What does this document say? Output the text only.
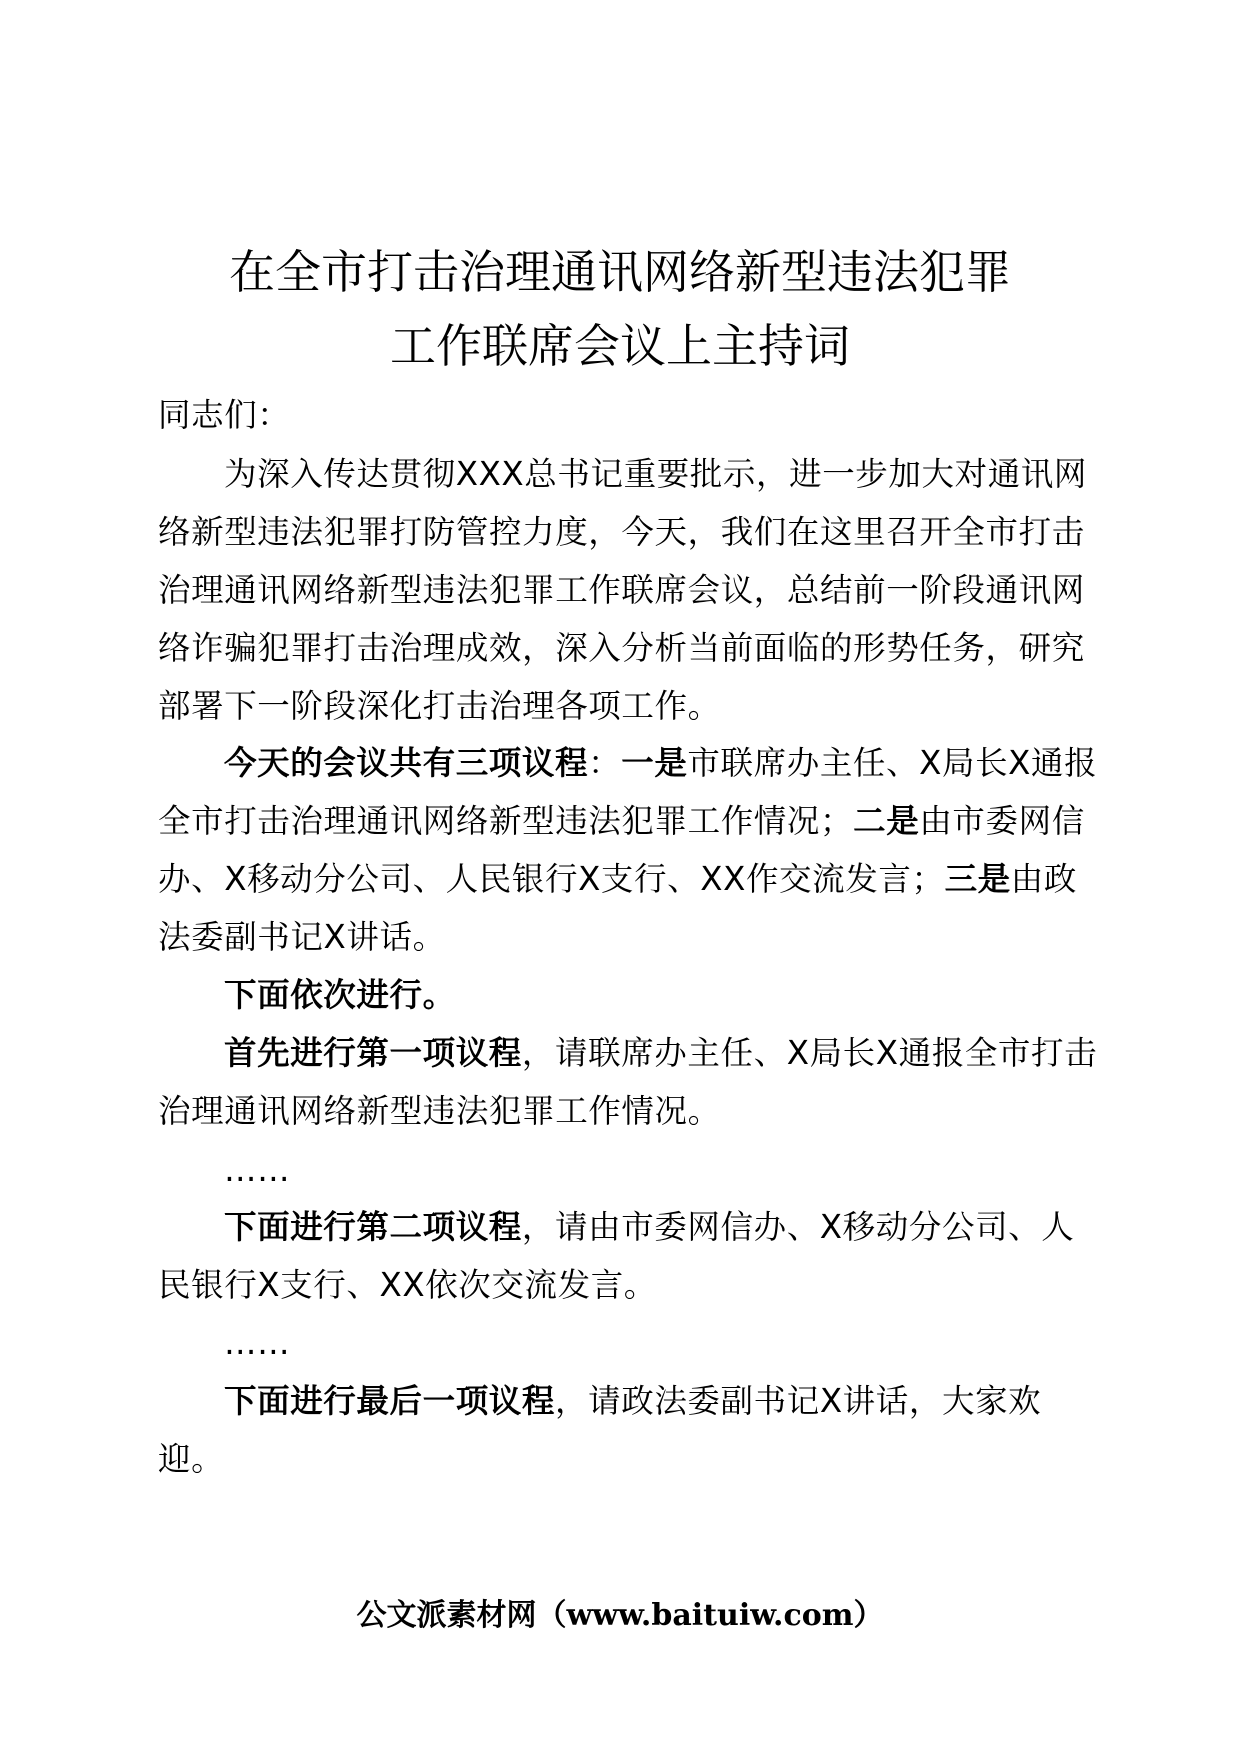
在全市打击治理通讯网络新型违法犯罪
工作联席会议上主持词

同志们：

为深入传达贯彻XXX总书记重要批示，进一步加大对通讯网络新型违法犯罪打防管控力度，今天，我们在这里召开全市打击治理通讯网络新型违法犯罪工作联席会议，总结前一阶段通讯网络诈骗犯罪打击治理成效，深入分析当前面临的形势任务，研究部署下一阶段深化打击治理各项工作。

今天的会议共有三项议程：一是市联席办主任、X局长X通报全市打击治理通讯网络新型违法犯罪工作情况；二是由市委网信办、X移动分公司、人民银行X支行、XX作交流发言；三是由政法委副书记X讲话。

下面依次进行。

首先进行第一项议程，请联席办主任、X局长X通报全市打击治理通讯网络新型违法犯罪工作情况。

……

下面进行第二项议程，请由市委网信办、X移动分公司、人民银行X支行、XX依次交流发言。

……

下面进行最后一项议程，请政法委副书记X讲话，大家欢迎。

公文派素材网（www.baituiw.com）
